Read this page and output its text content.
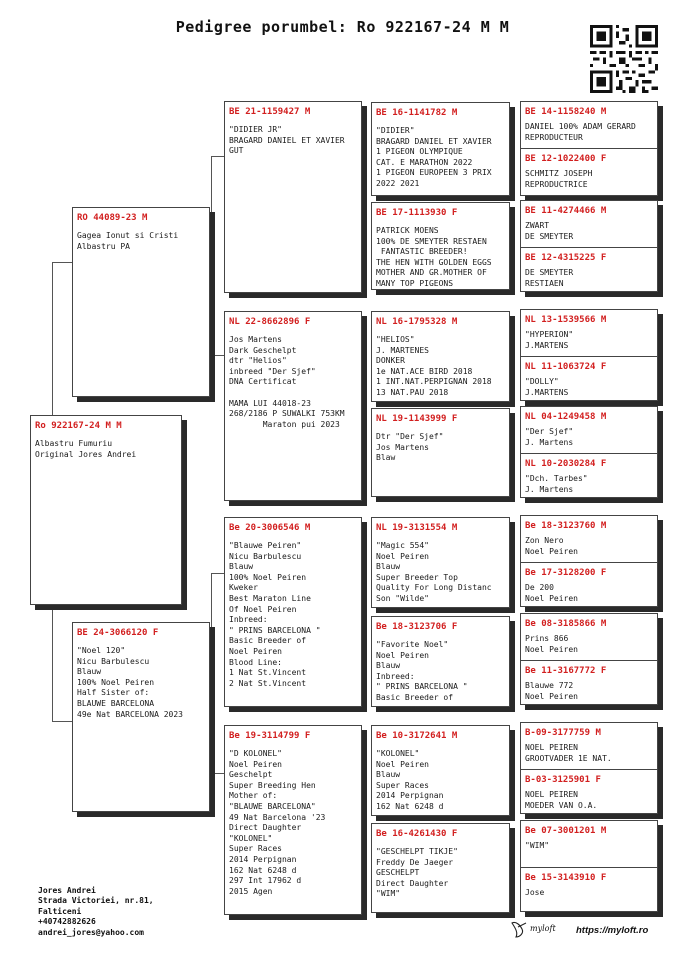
Pedigree porumbel: Ro 922167-24 M M
Ro 922167-24 M M
Albastru Fumuriu
Original Jores Andrei
RO 44089-23 M
Gagea Ionut si Cristi
Albastru PA
BE 24-3066120 F
"Noel 120"
Nicu Barbulescu
Blauw
100% Noel Peiren
Half Sister of:
BLAUWE BARCELONA
49e Nat BARCELONA 2023
BE 21-1159427 M
"DIDIER JR"
BRAGARD DANIEL ET XAVIER
GUT
NL 22-8662896 F
Jos Martens
Dark Geschelpt
dtr "Helios"
inbreed "Der Sjef"
DNA Certificat

MAMA LUI 44018-23
268/2186 P SUWALKI 753KM
Maraton pui 2023
Be 20-3006546 M
"Blauwe Peiren"
Nicu Barbulescu
Blauw
100% Noel Peiren
Kweker
Best Maraton Line
Of Noel Peiren
Inbreed:
" PRINS BARCELONA "
Basic Breeder of
Noel Peiren
Blood Line:
1 Nat St.Vincent
2 Nat St.Vincent
Be 19-3114799 F
"D KOLONEL"
Noel Peiren
Geschelpt
Super Breeding Hen
Mother of:
"BLAUWE BARCELONA"
49 Nat Barcelona '23
Direct Daughter
"KOLONEL"
Super Races
2014 Perpignan
162 Nat 6248 d
297 Int 17962 d
2015 Agen
BE 16-1141782 M
"DIDIER"
BRAGARD DANIEL ET XAVIER
1 PIGEON OLYMPIQUE
CAT. E MARATHON 2022
1 PIGEON EUROPEEN 3 PRIX
2022 2021
BE 17-1113930 F
PATRICK MOENS
100% DE SMEYTER RESTAEN
FANTASTIC BREEDER!
THE HEN WITH GOLDEN EGGS
MOTHER AND GR.MOTHER OF
MANY TOP PIGEONS
NL 16-1795328 M
"HELIOS"
J. MARTENES
DONKER
1e NAT.ACE BIRD 2018
1 INT.NAT.PERPIGNAN 2018
13 NAT.PAU 2018
NL 19-1143999 F
Dtr "Der Sjef"
Jos Martens
Blaw
NL 19-3131554 M
"Magic 554"
Noel Peiren
Blauw
Super Breeder Top
Quality For Long Distanc
Son "Wilde"
Be 18-3123706 F
"Favorite Noel"
Noel Peiren
Blauw
Inbreed:
" PRINS BARCELONA "
Basic Breeder of
Be 10-3172641 M
"KOLONEL"
Noel Peiren
Blauw
Super Races
2014 Perpignan
162 Nat 6248 d
Be 16-4261430 F
"GESCHELPT TIKJE"
Freddy De Jaeger
GESCHELPT
Direct Daughter
"WIM"
BE 14-1158240 M
DANIEL 100% ADAM GERARD
REPRODUCTEUR
BE 12-1022400 F
SCHMITZ JOSEPH
REPRODUCTRICE
BE 11-4274466 M
ZWART
DE SMEYTER
BE 12-4315225 F
DE SMEYTER
RESTIAEN
NL 13-1539566 M
"HYPERION"
J.MARTENS
NL 11-1063724 F
"DOLLY"
J.MARTENS
NL 04-1249458 M
"Der Sjef"
J. Martens
NL 10-2030284 F
"Dch. Tarbes"
J. Martens
Be 18-3123760 M
Zon Nero
Noel Peiren
Be 17-3128200 F
De 200
Noel Peiren
Be 08-3185866 M
Prins 866
Noel Peiren
Be 11-3167772 F
Blauwe 772
Noel Peiren
B-09-3177759 M
NOEL PEIREN
GROOTVADER 1E NAT.
B-03-3125901 F
NOEL PEIREN
MOEDER VAN O.A.
Be 07-3001201 M
"WIM"
Be 15-3143910 F
Jose
Jores Andrei
Strada Victoriei, nr.81,
Falticeni
+40742882626
andrei_jores@yahoo.com	myloft https://myloft.ro
